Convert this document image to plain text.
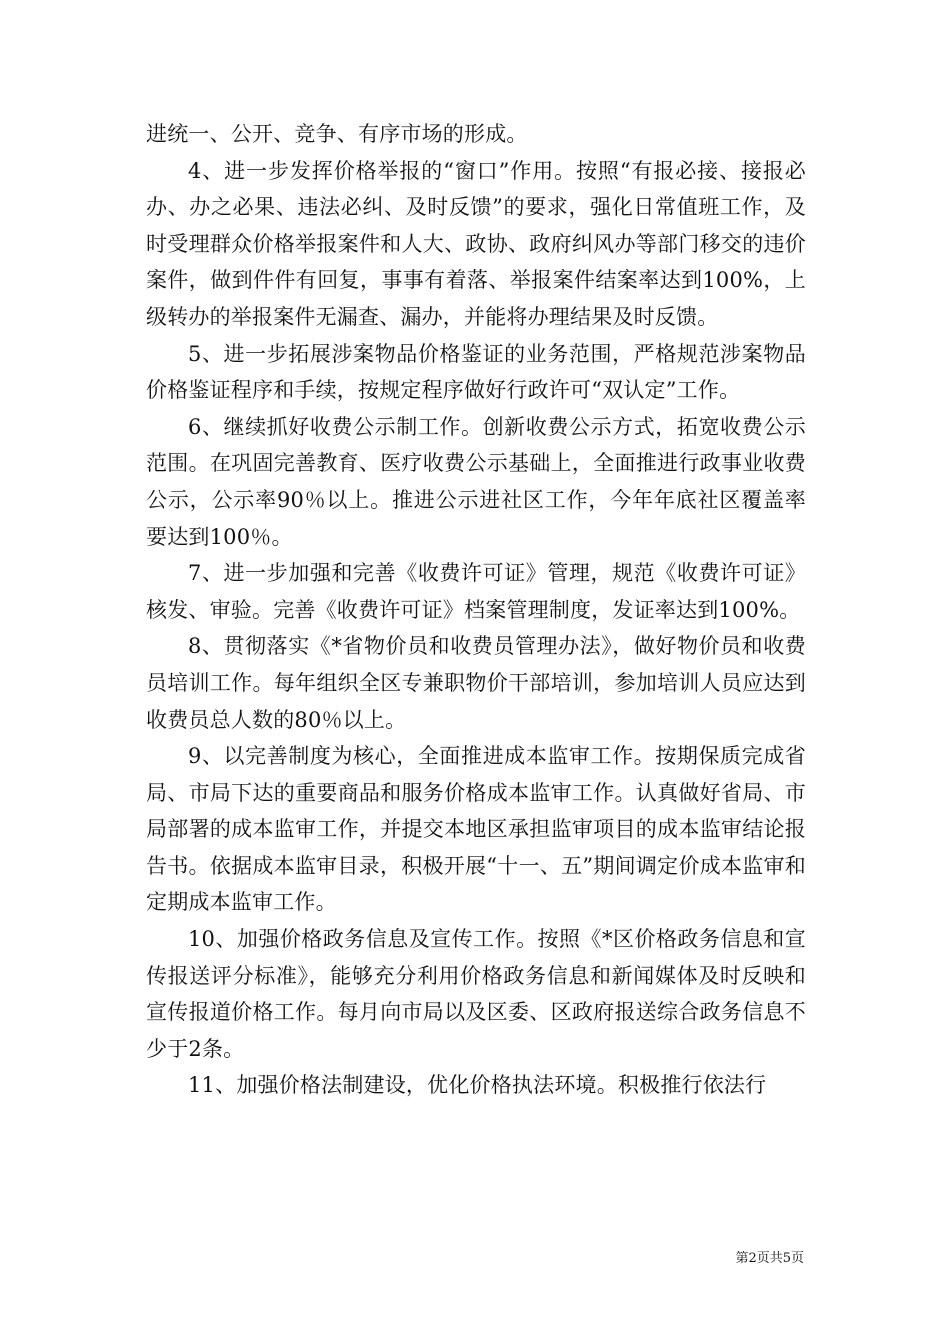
进统一、公开、竞争、有序市场的形成。

4、进一步发挥价格举报的“窗口”作用。按照“有报必接、接报必办、办之必果、违法必纠、及时反馈”的要求，强化日常值班工作，及时受理群众价格举报案件和人大、政协、政府纠风办等部门移交的违价案件，做到件件有回复，事事有着落、举报案件结案率达到100%，上级转办的举报案件无漏查、漏办，并能将办理结果及时反馈。

5、进一步拓展涉案物品价格鉴证的业务范围，严格规范涉案物品价格鉴证程序和手续，按规定程序做好行政许可“双认定”工作。

6、继续抓好收费公示制工作。创新收费公示方式，拓宽收费公示范围。在巩固完善教育、医疗收费公示基础上，全面推进行政事业收费公示，公示率90％以上。推进公示进社区工作，今年年底社区覆盖率要达到100％。

7、进一步加强和完善《收费许可证》管理，规范《收费许可证》核发、审验。完善《收费许可证》档案管理制度，发证率达到100%。

8、贯彻落实《*省物价员和收费员管理办法》，做好物价员和收费员培训工作。每年组织全区专兼职物价干部培训，参加培训人员应达到收费员总人数的80％以上。

9、以完善制度为核心，全面推进成本监审工作。按期保质完成省局、市局下达的重要商品和服务价格成本监审工作。认真做好省局、市局部署的成本监审工作，并提交本地区承担监审项目的成本监审结论报告书。依据成本监审目录，积极开展“十一、五”期间调定价成本监审和定期成本监审工作。

10、加强价格政务信息及宣传工作。按照《*区价格政务信息和宣传报送评分标准》，能够充分利用价格政务信息和新闻媒体及时反映和宣传报道价格工作。每月向市局以及区委、区政府报送综合政务信息不少于2条。

11、加强价格法制建设，优化价格执法环境。积极推行依法行

第2页共5页
